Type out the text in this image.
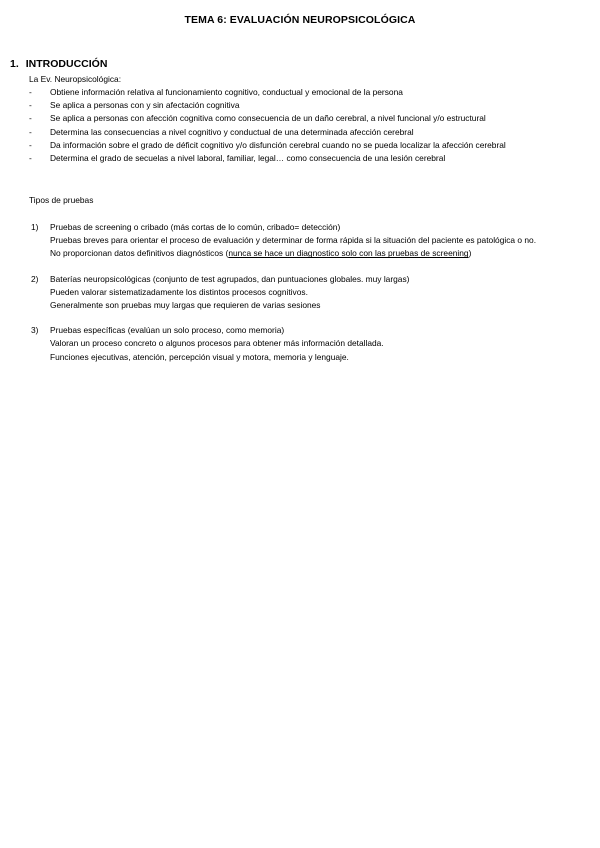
TEMA 6: EVALUACIÓN NEUROPSICOLÓGICA
1. INTRODUCCIÓN
La Ev. Neuropsicológica:
-	Obtiene información relativa al funcionamiento cognitivo, conductual y emocional de la persona
-	Se aplica a personas con y sin afectación cognitiva
-	Se aplica a personas con afección cognitiva como consecuencia de un daño cerebral, a nivel funcional y/o estructural
-	Determina las consecuencias a nivel cognitivo y conductual de una determinada afección cerebral
-	Da información sobre el grado de déficit cognitivo y/o disfunción cerebral cuando no se pueda localizar la afección cerebral
-	Determina el grado de secuelas a nivel laboral, familiar, legal… como consecuencia de una lesión cerebral
Tipos de pruebas
1)	Pruebas de screening o cribado (más cortas de lo común, cribado= detección)
Pruebas breves para orientar el proceso de evaluación y determinar de forma rápida si la situación del paciente es patológica o no.
No proporcionan datos definitivos diagnósticos (nunca se hace un diagnostico solo con las pruebas de screening)
2)	Baterías neuropsicológicas (conjunto de test agrupados, dan puntuaciones globales. muy largas)
Pueden valorar sistematizadamente los distintos procesos cognitivos.
Generalmente son pruebas muy largas que requieren de varias sesiones
3)	Pruebas específicas (evalúan un solo proceso, como memoria)
Valoran un proceso concreto o algunos procesos para obtener más información detallada.
Funciones ejecutivas, atención, percepción visual y motora, memoria y lenguaje.
